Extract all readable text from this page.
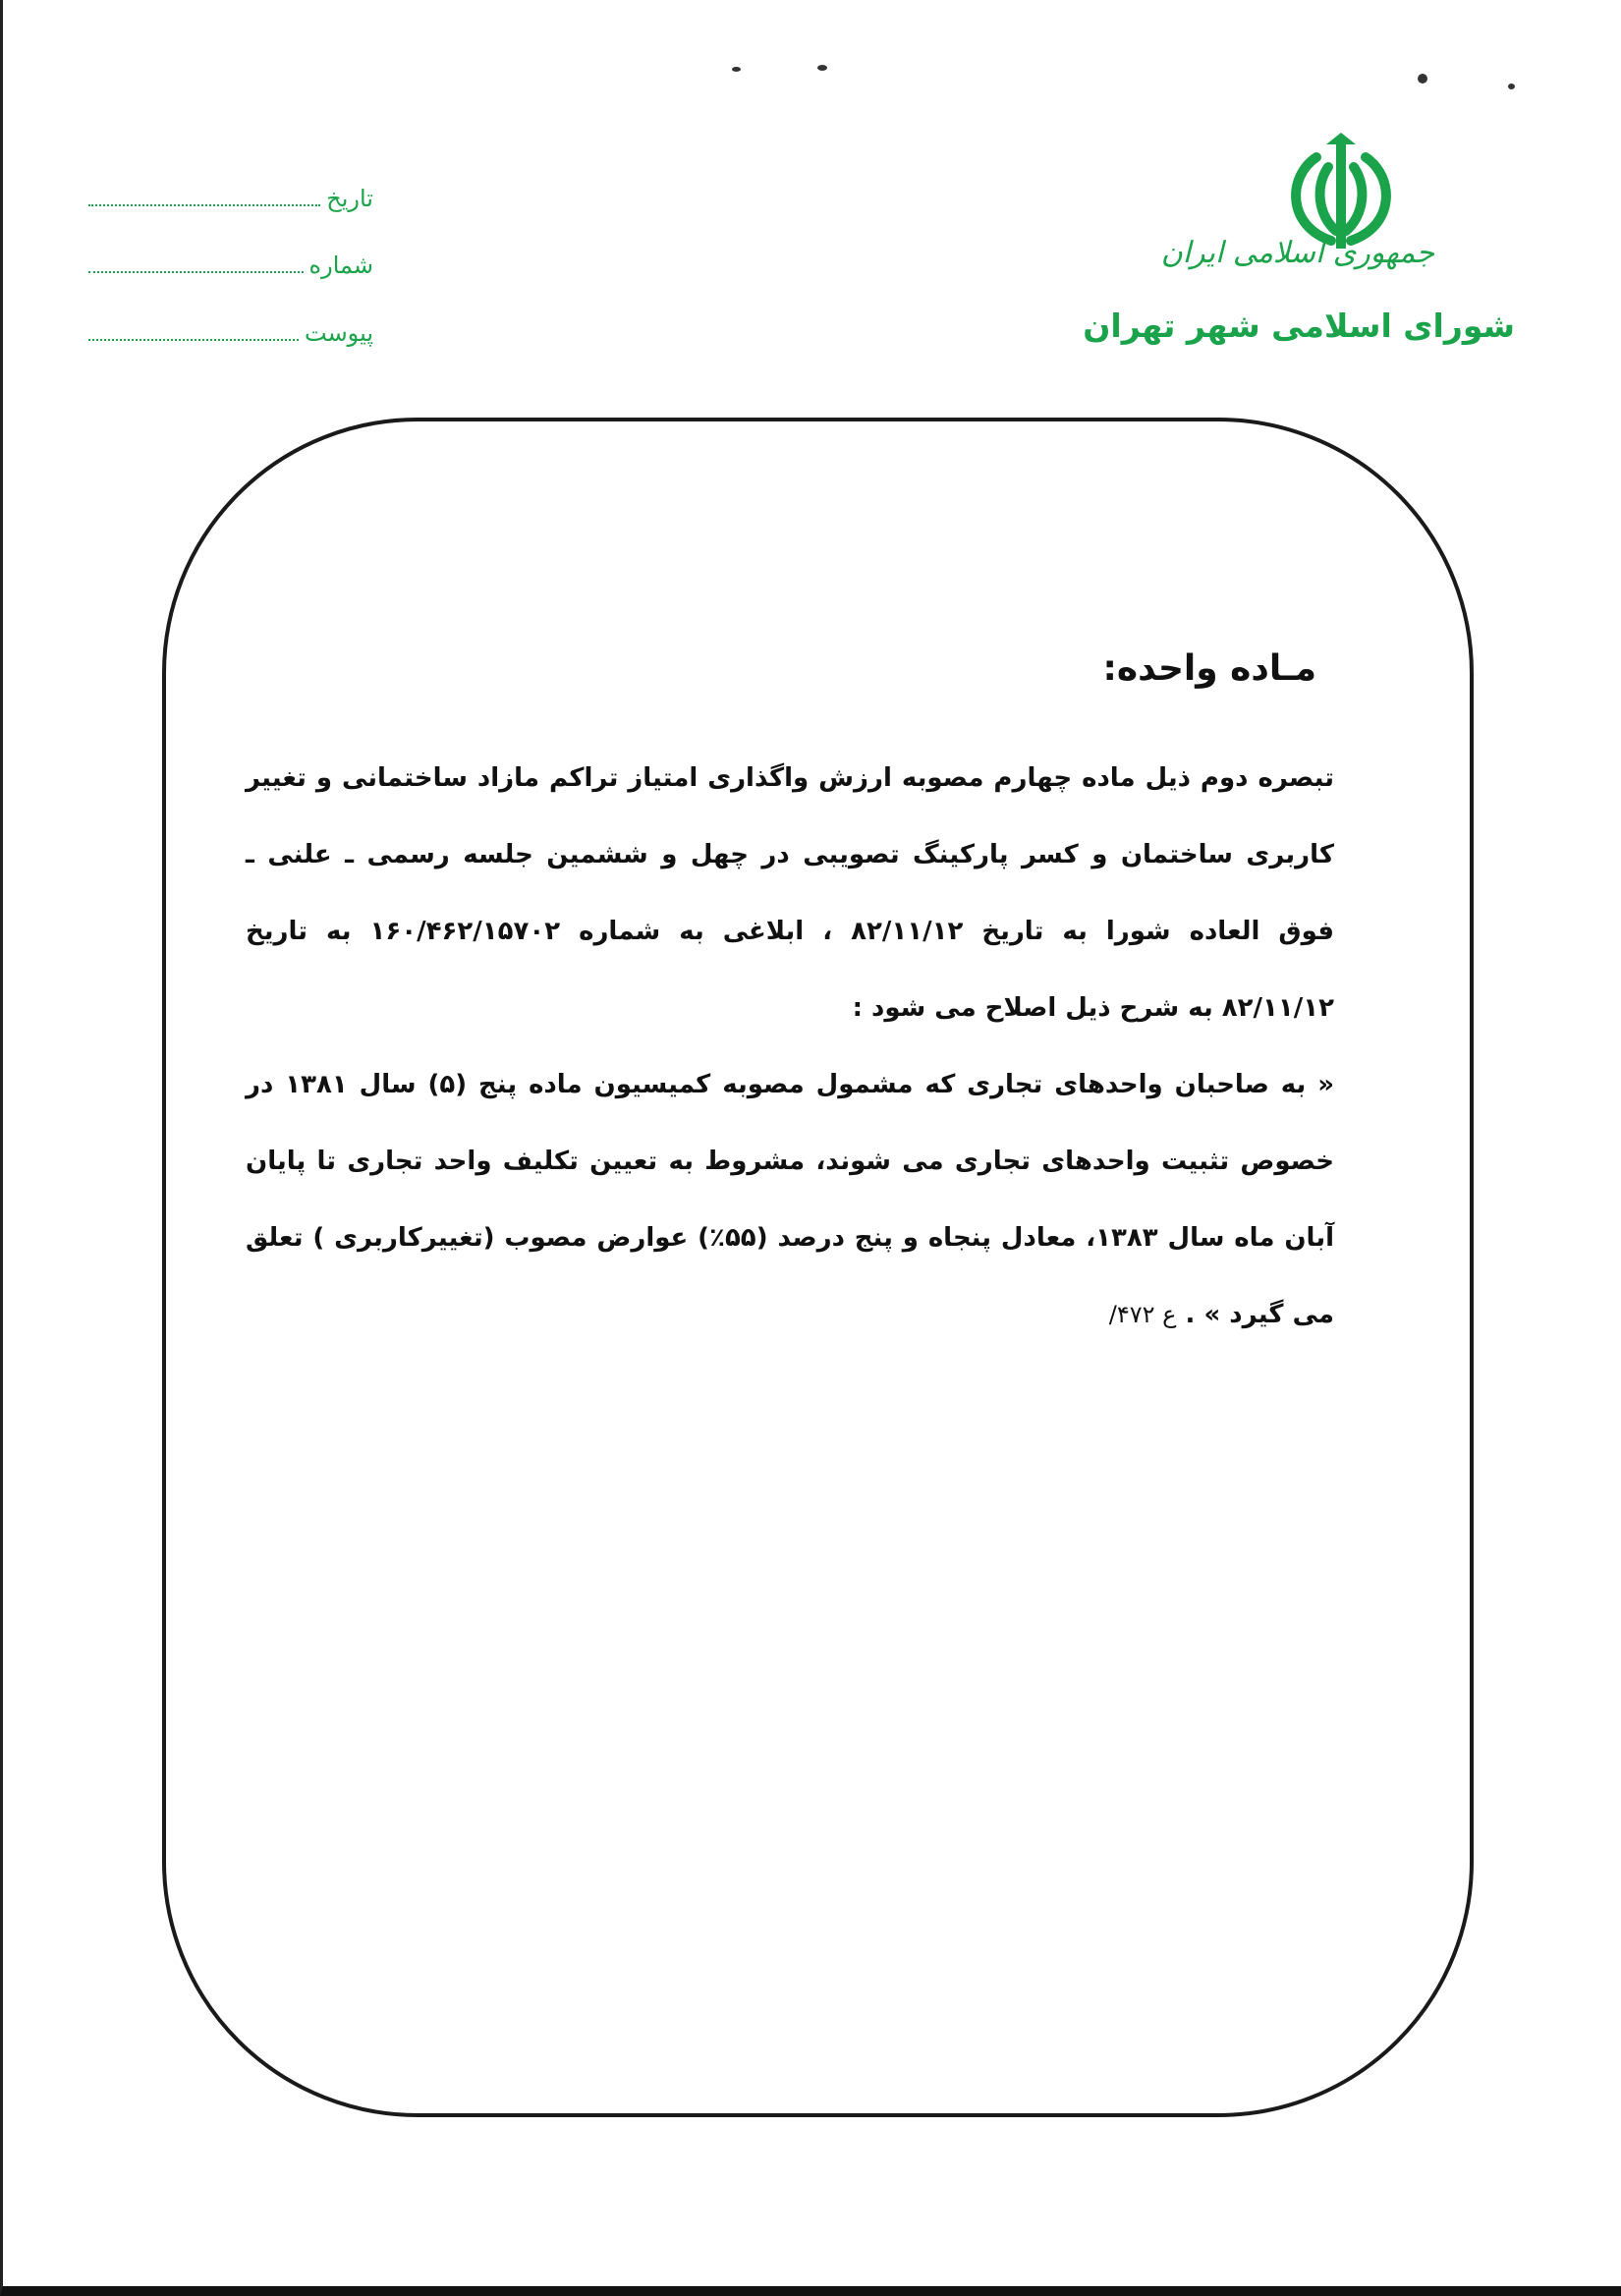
جمهوری اسلامی ایران
شورای اسلامی شهر تهران
تاریخ
شماره
پیوست
مـاده واحده:

تبصره دوم ذیل ماده چهارم مصوبه ارزش واگذاری امتیاز تراکم مازاد ساختمانی و تغییر کاربری ساختمان و کسر پارکینگ تصویبی در چهل و ششمین جلسه رسمی ـ علنی ـ فوق العاده شورا به تاریخ ۸۲/۱۱/۱۲ ، ابلاغی به شماره ۱۶۰/۴۶۲/۱۵۷۰۲ به تاریخ ۸۲/۱۱/۱۲ به شرح ذیل اصلاح می شود :

« به صاحبان واحدهای تجاری که مشمول مصوبه کمیسیون ماده پنج (۵) سال ۱۳۸۱ در خصوص تثبیت واحدهای تجاری می شوند، مشروط به تعیین تکلیف واحد تجاری تا پایان آبان ماه سال ۱۳۸۳، معادل پنجاه و پنج درصد (۵۵٪) عوارض مصوب (تغییرکاربری ) تعلق می گیرد » . ع ۴۷۲/
